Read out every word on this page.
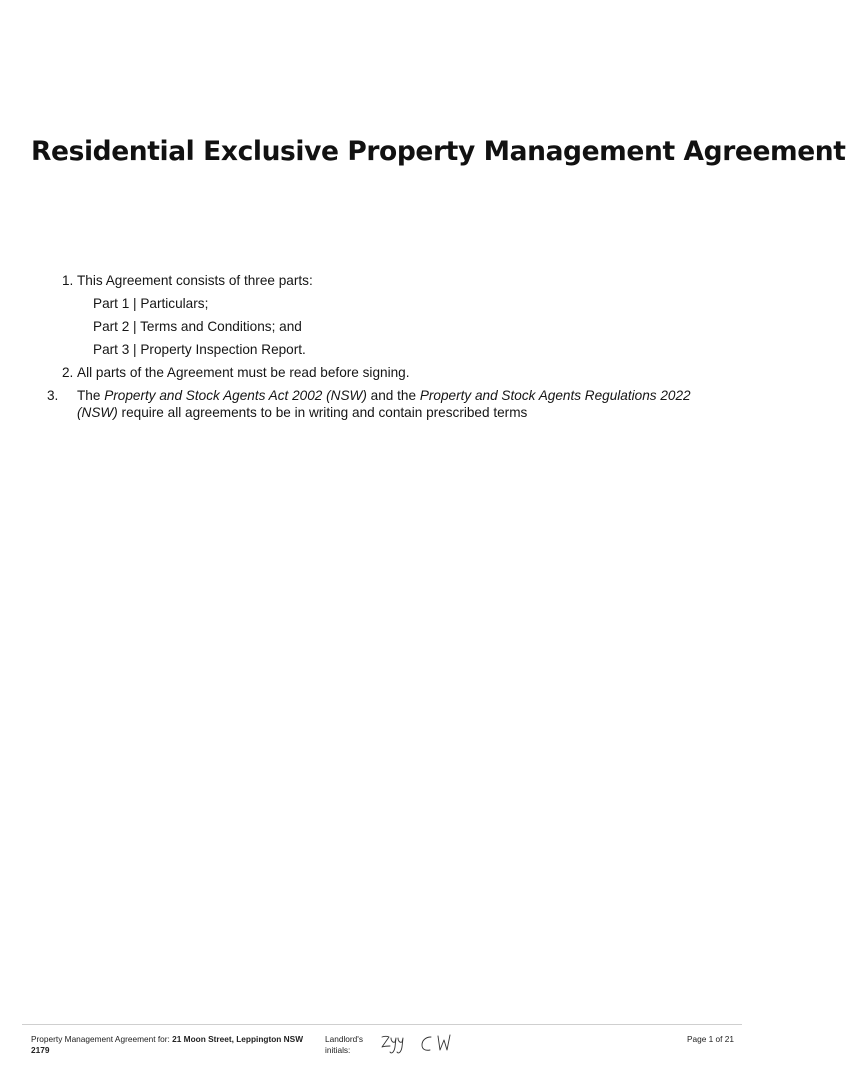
Residential Exclusive Property Management Agreement

1. This Agreement consists of three parts:

Part 1 | Particulars;

Part 2 | Terms and Conditions; and

Part 3 | Property Inspection Report.

2. All parts of the Agreement must be read before signing.

3. The Property and Stock Agents Act 2002 (NSW) and the Property and Stock Agents Regulations 2022 (NSW) require all agreements to be in writing and contain prescribed terms

Property Management Agreement for: 21 Moon Street, Leppington NSW 2179
Landlord's initials:
Page 1 of 21
